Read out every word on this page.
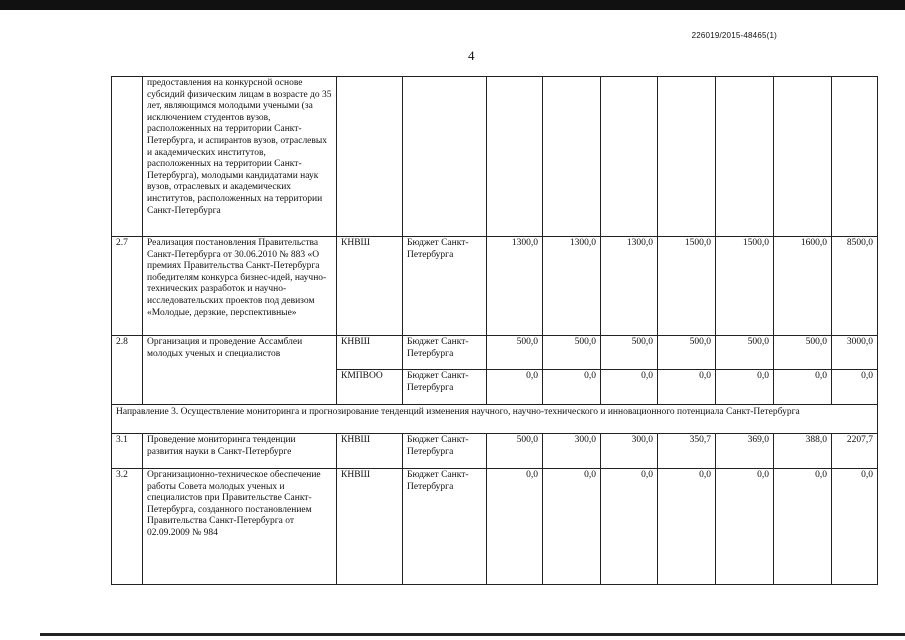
226019/2015-48465(1)
4
	предоставления на конкурсной основе субсидий физическим лицам в возрасте до 35 лет, являющимся молодыми учеными (за исключением студентов вузов, расположенных на территории Санкт-Петербурга, и аспирантов вузов, отраслевых и академических институтов, расположенных на территории Санкт-Петербурга), молодыми кандидатами наук вузов, отраслевых и академических институтов, расположенных на территории Санкт-Петербурга									
2.7	Реализация постановления Правительства Санкт-Петербурга от 30.06.2010 № 883 «О премиях Правительства Санкт-Петербурга победителям конкурса бизнес-идей, научно-технических разработок и научно-исследовательских проектов под девизом «Молодые, дерзкие, перспективные»	КНВШ	Бюджет Санкт-Петербурга	1300,0	1300,0	1300,0	1500,0	1500,0	1600,0	8500,0
2.8	Организация и проведение Ассамблеи молодых ученых и специалистов	КНВШ	Бюджет Санкт-Петербурга	500,0	500,0	500,0	500,0	500,0	500,0	3000,0
		КМПВОО	Бюджет Санкт-Петербурга	0,0	0,0	0,0	0,0	0,0	0,0	0,0
Направление 3. Осуществление мониторинга и прогнозирование тенденций изменения научного, научно-технического и инновационного потенциала Санкт-Петербурга										
3.1	Проведение мониторинга тенденции развития науки в Санкт-Петербурге	КНВШ	Бюджет Санкт-Петербурга	500,0	300,0	300,0	350,7	369,0	388,0	2207,7
3.2	Организационно-техническое обеспечение работы Совета молодых ученых и специалистов при Правительстве Санкт-Петербурга, созданного постановлением Правительства Санкт-Петербурга от 02.09.2009 № 984	КНВШ	Бюджет Санкт-Петербурга	0,0	0,0	0,0	0,0	0,0	0,0	0,0
